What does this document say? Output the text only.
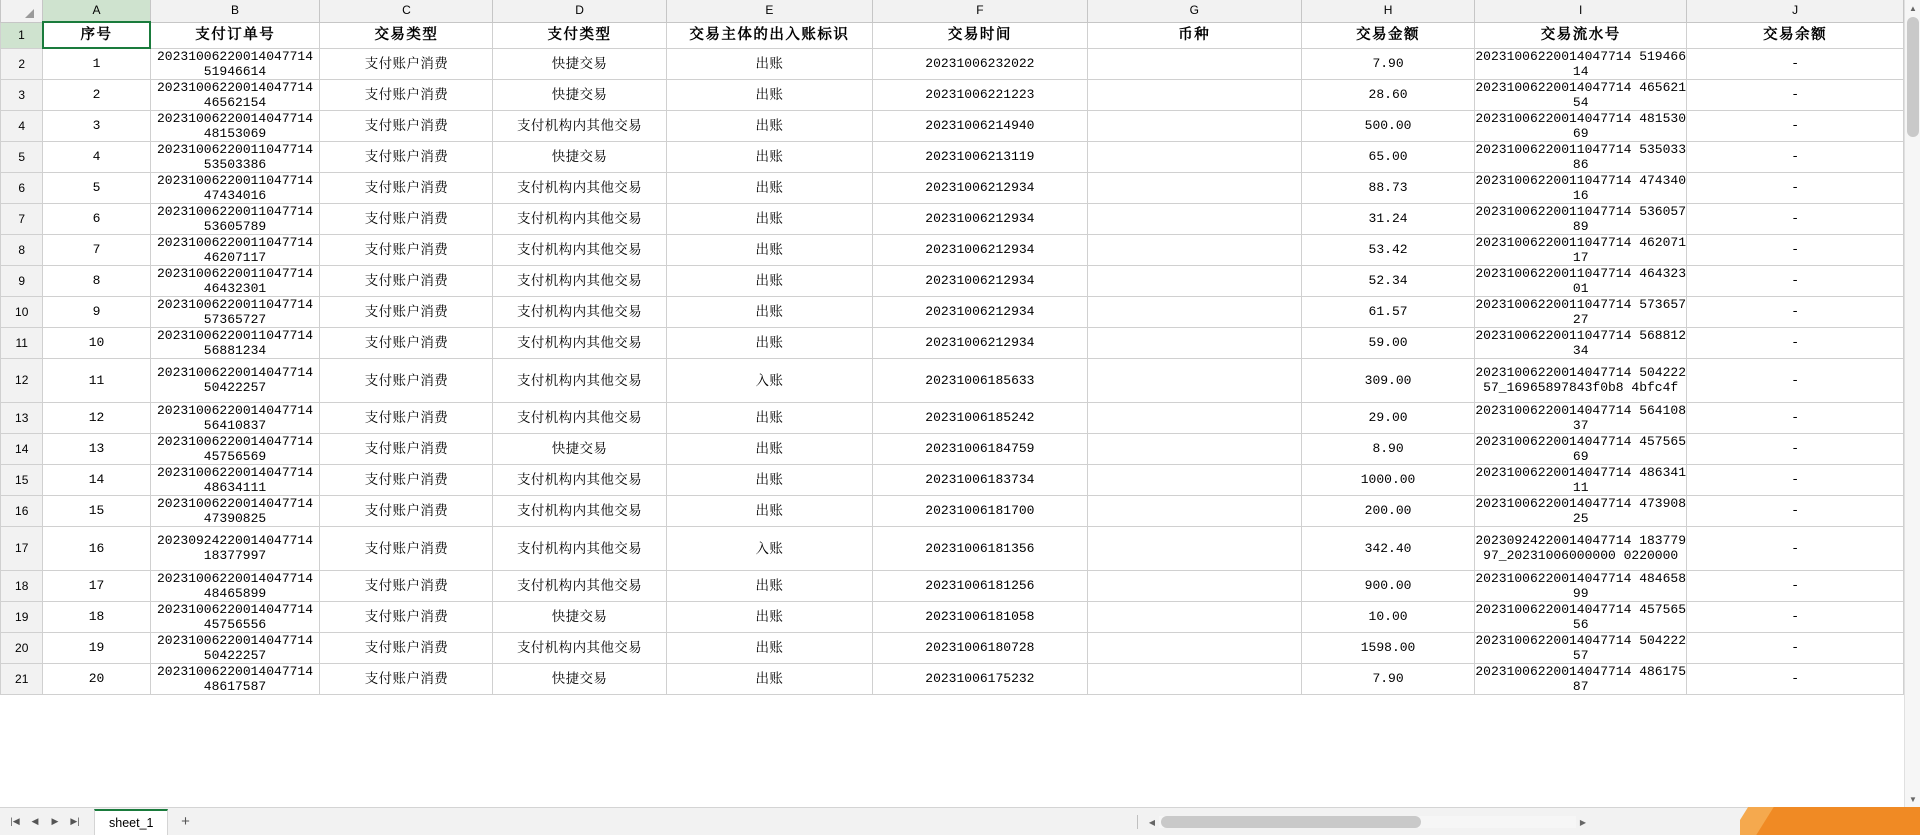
	A	B	C	D	E	F	G	H	I	J
1	序号	支付订单号	交易类型	支付类型	交易主体的出入账标识	交易时间	币种	交易金额	交易流水号	交易余额
2	1	20231006220014047714 51946614	支付账户消费	快捷交易	出账	20231006232022		7.90	20231006220014047714 51946614	-
3	2	20231006220014047714 46562154	支付账户消费	快捷交易	出账	20231006221223		28.60	20231006220014047714 46562154	-
4	3	20231006220014047714 48153069	支付账户消费	支付机构内其他交易	出账	20231006214940		500.00	20231006220014047714 48153069	-
5	4	20231006220011047714 53503386	支付账户消费	快捷交易	出账	20231006213119		65.00	20231006220011047714 53503386	-
6	5	20231006220011047714 47434016	支付账户消费	支付机构内其他交易	出账	20231006212934		88.73	20231006220011047714 47434016	-
7	6	20231006220011047714 53605789	支付账户消费	支付机构内其他交易	出账	20231006212934		31.24	20231006220011047714 53605789	-
8	7	20231006220011047714 46207117	支付账户消费	支付机构内其他交易	出账	20231006212934		53.42	20231006220011047714 46207117	-
9	8	20231006220011047714 46432301	支付账户消费	支付机构内其他交易	出账	20231006212934		52.34	20231006220011047714 46432301	-
10	9	20231006220011047714 57365727	支付账户消费	支付机构内其他交易	出账	20231006212934		61.57	20231006220011047714 57365727	-
11	10	20231006220011047714 56881234	支付账户消费	支付机构内其他交易	出账	20231006212934		59.00	20231006220011047714 56881234	-
12	11	20231006220014047714 50422257	支付账户消费	支付机构内其他交易	入账	20231006185633		309.00	20231006220014047714 50422257_16965897843f0b8 4bfc4f	-
13	12	20231006220014047714 56410837	支付账户消费	支付机构内其他交易	出账	20231006185242		29.00	20231006220014047714 56410837	-
14	13	20231006220014047714 45756569	支付账户消费	快捷交易	出账	20231006184759		8.90	20231006220014047714 45756569	-
15	14	20231006220014047714 48634111	支付账户消费	支付机构内其他交易	出账	20231006183734		1000.00	20231006220014047714 48634111	-
16	15	20231006220014047714 47390825	支付账户消费	支付机构内其他交易	出账	20231006181700		200.00	20231006220014047714 47390825	-
17	16	20230924220014047714 18377997	支付账户消费	支付机构内其他交易	入账	20231006181356		342.40	20230924220014047714 18377997_20231006000000 0220000	-
18	17	20231006220014047714 48465899	支付账户消费	支付机构内其他交易	出账	20231006181256		900.00	20231006220014047714 48465899	-
19	18	20231006220014047714 45756556	支付账户消费	快捷交易	出账	20231006181058		10.00	20231006220014047714 45756556	-
20	19	20231006220014047714 50422257	支付账户消费	支付机构内其他交易	出账	20231006180728		1598.00	20231006220014047714 50422257	-
21	20	20231006220014047714 48617587	支付账户消费	快捷交易	出账	20231006175232		7.90	20231006220014047714 48617587	-
▲
▼
|◀	◀	▶	▶|	sheet_1	+	◀	▶
